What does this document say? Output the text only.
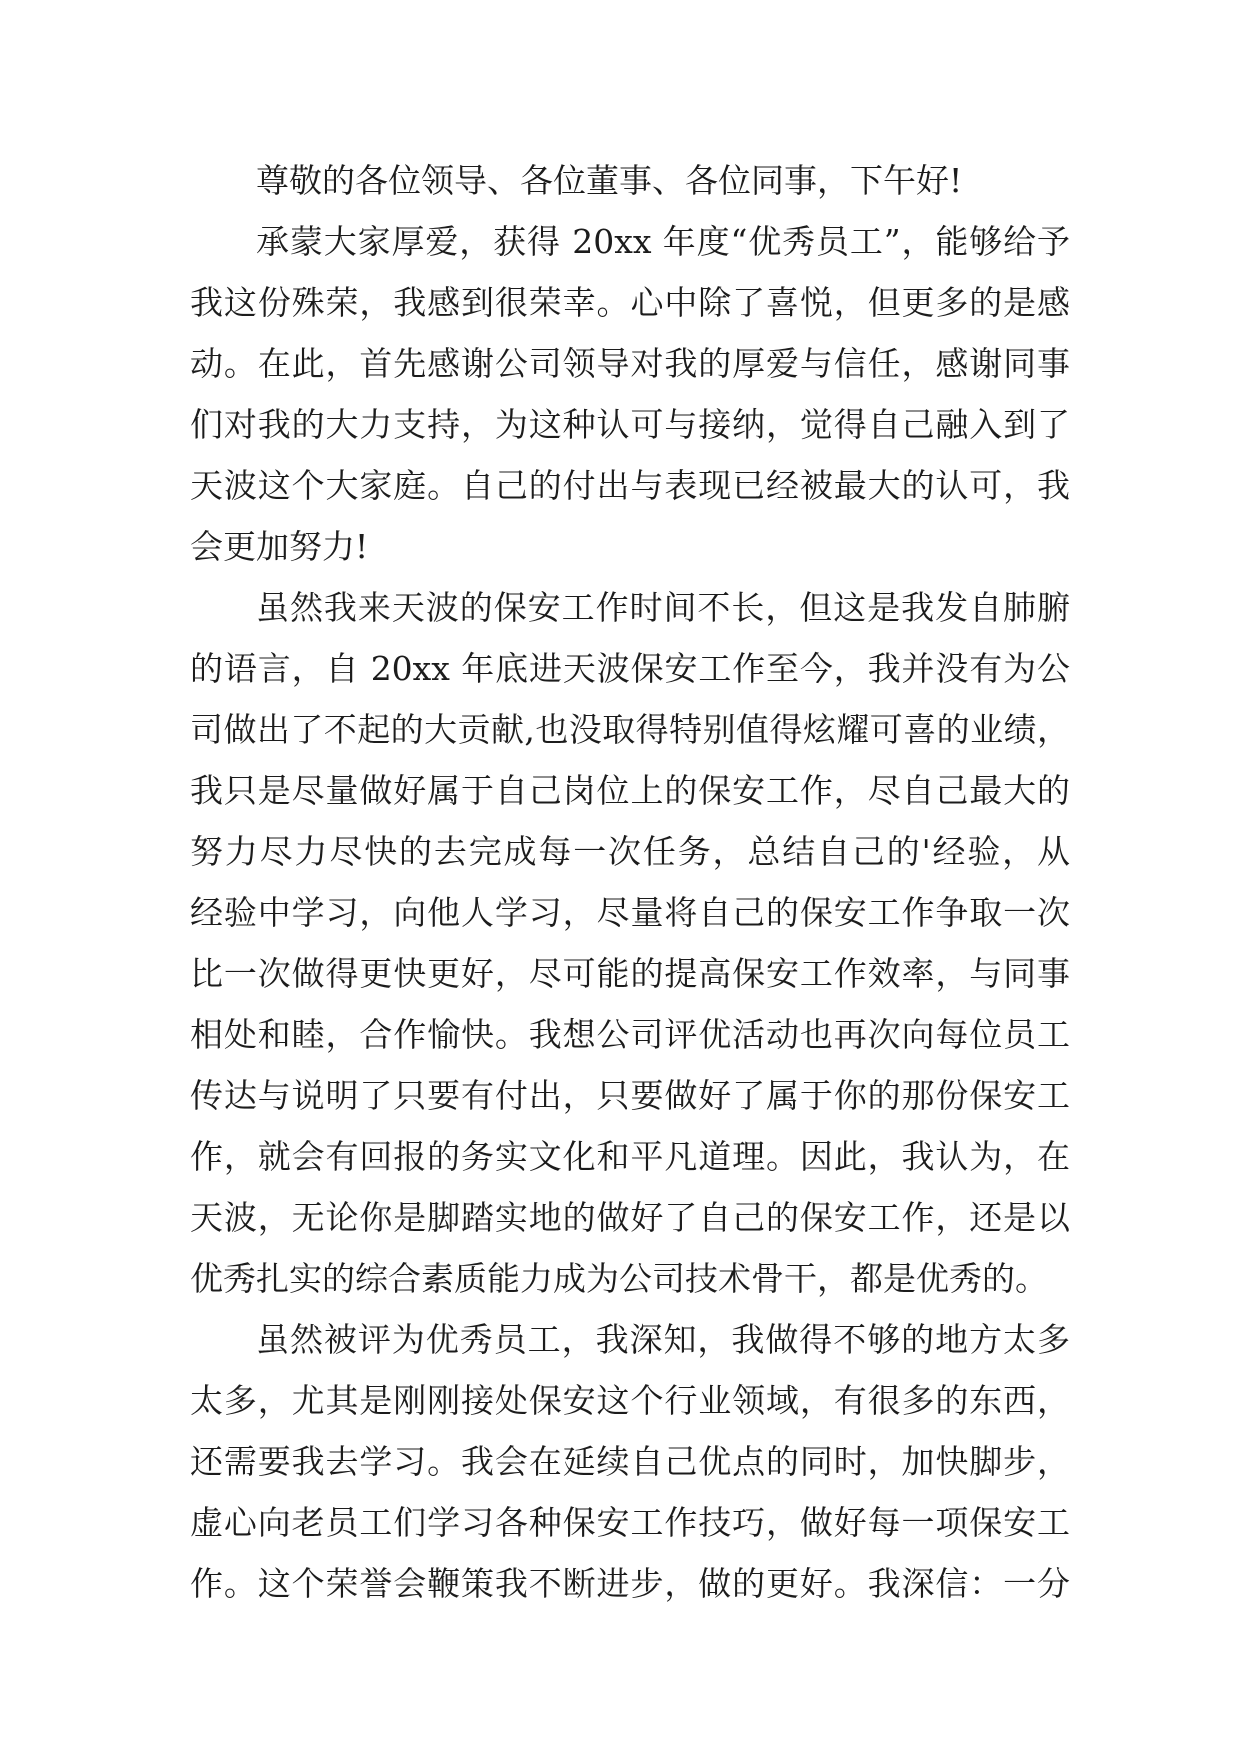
尊敬的各位领导、各位董事、各位同事，下午好!
承蒙大家厚爱，获得 20xx 年度“优秀员工”，能够给予
我这份殊荣，我感到很荣幸。心中除了喜悦，但更多的是感
动。在此，首先感谢公司领导对我的厚爱与信任，感谢同事
们对我的大力支持，为这种认可与接纳，觉得自己融入到了
天波这个大家庭。自己的付出与表现已经被最大的认可，我
会更加努力!
虽然我来天波的保安工作时间不长，但这是我发自肺腑
的语言，自 20xx 年底进天波保安工作至今，我并没有为公
司做出了不起的大贡献,也没取得特别值得炫耀可喜的业绩，
我只是尽量做好属于自己岗位上的保安工作，尽自己最大的
努力尽力尽快的去完成每一次任务，总结自己的'经验，从
经验中学习，向他人学习，尽量将自己的保安工作争取一次
比一次做得更快更好，尽可能的提高保安工作效率，与同事
相处和睦，合作愉快。我想公司评优活动也再次向每位员工
传达与说明了只要有付出，只要做好了属于你的那份保安工
作，就会有回报的务实文化和平凡道理。因此，我认为，在
天波，无论你是脚踏实地的做好了自己的保安工作，还是以
优秀扎实的综合素质能力成为公司技术骨干，都是优秀的。
虽然被评为优秀员工，我深知，我做得不够的地方太多
太多，尤其是刚刚接处保安这个行业领域，有很多的东西，
还需要我去学习。我会在延续自己优点的同时，加快脚步，
虚心向老员工们学习各种保安工作技巧，做好每一项保安工
作。这个荣誉会鞭策我不断进步，做的更好。我深信：一分
